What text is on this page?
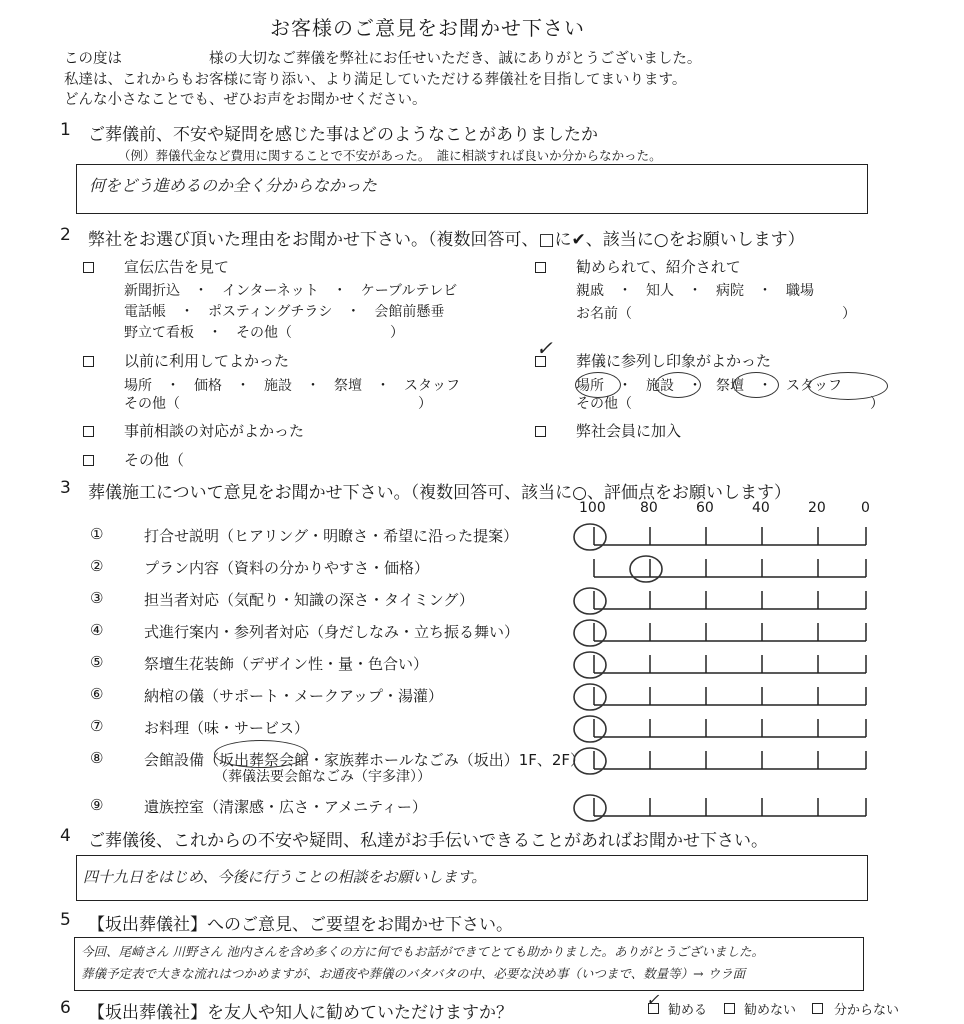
お客様のご意見をお聞かせ下さい
この度は　　　　　　様の大切なご葬儀を弊社にお任せいただき、誠にありがとうございました。
私達は、これからもお客様に寄り添い、より満足していただける葬儀社を目指してまいります。
どんな小さなことでも、ぜひお声をお聞かせください。
1 ご葬儀前、不安や疑問を感じた事はどのようなことがありましたか
（例）葬儀代金など費用に関することで不安があった。　誰に相談すれば良いか分からなかった。
何をどう進めるのか全く分からなかった
2 弊社をお選び頂いた理由をお聞かせ下さい。（複数回答可、□に✔、該当に○をお願いします）
宣伝広告を見て
新聞折込　・　インターネット　・　ケーブルテレビ
電話帳　・　ポスティングチラシ　・　会館前懸垂
野立て看板　・　その他（　　　　　　　）
以前に利用してよかった
場所　・　価格　・　施設　・　祭壇　・　スタッフ
その他（　　　　　　　　　　　　　　　　　）
事前相談の対応がよかった
その他（
勧められて、紹介されて
親戚　・　知人　・　病院　・　職場
お名前（　　　　　　　　　　　　　　　）
✓
葬儀に参列し印象がよかった
場所　・　施設　・　祭壇　・　スタッフ
その他（　　　　　　　　　　　　　　　　　）
弊社会員に加入
3 葬儀施工について意見をお聞かせ下さい。（複数回答可、該当に○、評価点をお願いします）
100 80	60	40	20	0
①	打合せ説明（ヒアリング・明瞭さ・希望に沿った提案）
②	プラン内容（資料の分かりやすさ・価格）
③	担当者対応（気配り・知識の深さ・タイミング）
④	式進行案内・参列者対応（身だしなみ・立ち振る舞い）
⑤	祭壇生花装飾（デザイン性・量・色合い）
⑥	納棺の儀（サポート・メークアップ・湯灌）
⑦	お料理（味・サービス）
⑧	会館設備（坂出葬祭会館・家族葬ホールなごみ（坂出）1F、2F）
⑨	遺族控室（清潔感・広さ・アメニティー）
（葬儀法要会館なごみ（宇多津））
4 ご葬儀後、これからの不安や疑問、私達がお手伝いできることがあればお聞かせ下さい。
四十九日をはじめ、今後に行うことの相談をお願いします。
5 【坂出葬儀社】へのご意見、ご要望をお聞かせ下さい。
今回、尾崎さん 川野さん 池内さんを含め多くの方に何でもお話ができてとても助かりました。ありがとうございました。
葬儀予定表で大きな流れはつかめますが、お通夜や葬儀のバタバタの中、必要な決め事（いつまで、数量等）→ ウラ面
6 【坂出葬儀社】を友人や知人に勧めていただけますか？
✓
勧める	勧めない	分からない
